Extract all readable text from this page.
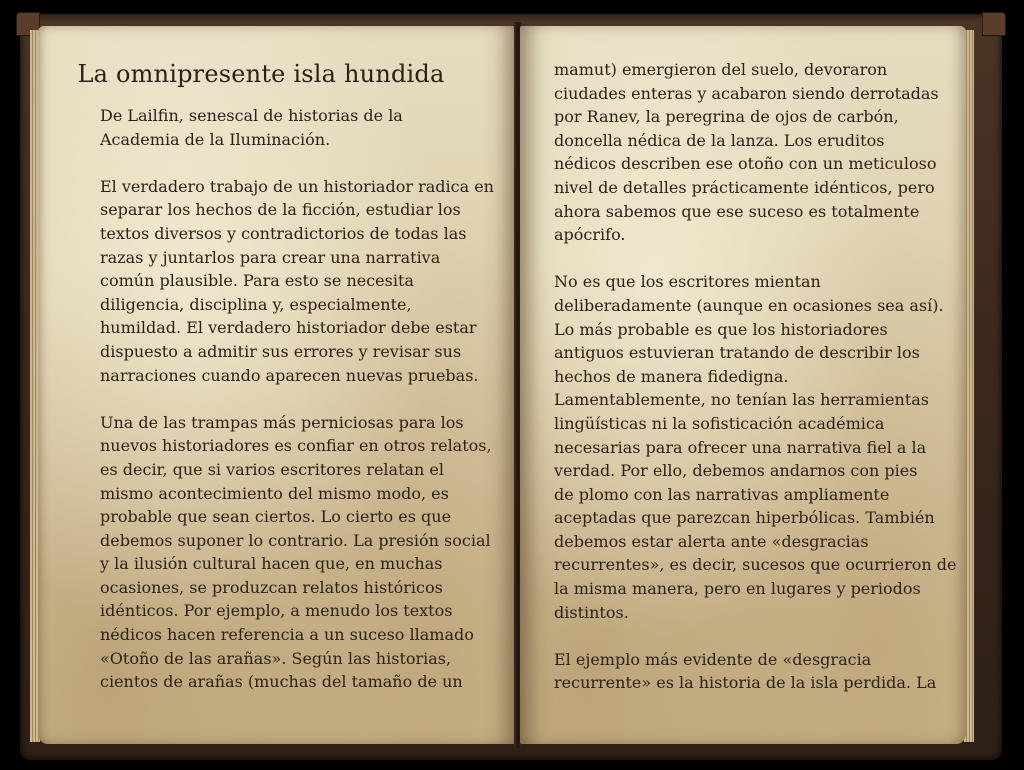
La omnipresente isla hundida
De Lailfin, senescal de historias de la
Academia de la Iluminación.
El verdadero trabajo de un historiador radica en
separar los hechos de la ficción, estudiar los
textos diversos y contradictorios de todas las
razas y juntarlos para crear una narrativa
común plausible. Para esto se necesita
diligencia, disciplina y, especialmente,
humildad. El verdadero historiador debe estar
dispuesto a admitir sus errores y revisar sus
narraciones cuando aparecen nuevas pruebas.
Una de las trampas más perniciosas para los
nuevos historiadores es confiar en otros relatos,
es decir, que si varios escritores relatan el
mismo acontecimiento del mismo modo, es
probable que sean ciertos. Lo cierto es que
debemos suponer lo contrario. La presión social
y la ilusión cultural hacen que, en muchas
ocasiones, se produzcan relatos históricos
idénticos. Por ejemplo, a menudo los textos
nédicos hacen referencia a un suceso llamado
«Otoño de las arañas». Según las historias,
cientos de arañas (muchas del tamaño de un
mamut) emergieron del suelo, devoraron
ciudades enteras y acabaron siendo derrotadas
por Ranev, la peregrina de ojos de carbón,
doncella nédica de la lanza. Los eruditos
nédicos describen ese otoño con un meticuloso
nivel de detalles prácticamente idénticos, pero
ahora sabemos que ese suceso es totalmente
apócrifo.
No es que los escritores mientan
deliberadamente (aunque en ocasiones sea así).
Lo más probable es que los historiadores
antiguos estuvieran tratando de describir los
hechos de manera fidedigna.
Lamentablemente, no tenían las herramientas
lingüísticas ni la sofisticación académica
necesarias para ofrecer una narrativa fiel a la
verdad. Por ello, debemos andarnos con pies
de plomo con las narrativas ampliamente
aceptadas que parezcan hiperbólicas. También
debemos estar alerta ante «desgracias
recurrentes», es decir, sucesos que ocurrieron de
la misma manera, pero en lugares y periodos
distintos.
El ejemplo más evidente de «desgracia
recurrente» es la historia de la isla perdida. La
